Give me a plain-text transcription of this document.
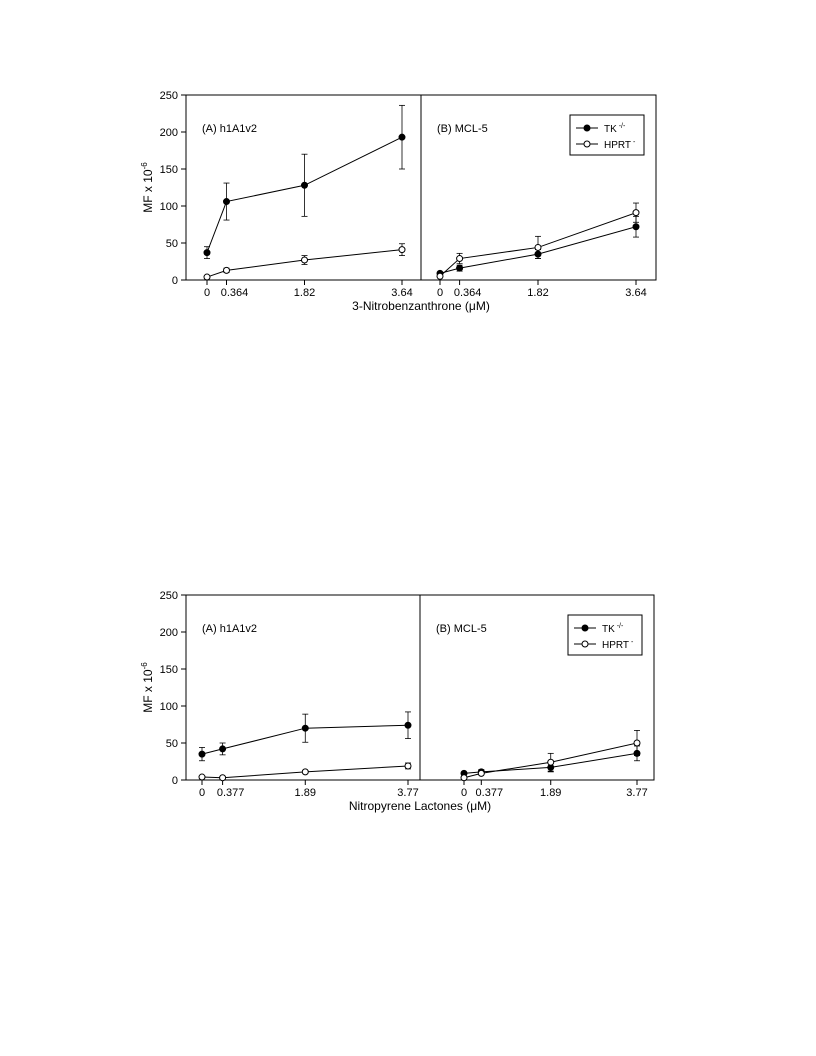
0
50
100
150
200
250
MF x $10^{-6}$
3-Nitrobenzanthrone (μM)
0 0.364	1.82	3.64
(A) h1A1v2
0 0.364	1.82	3.64
(B) MCL-5	TK -/-
HPRT -
0
50
100
150
200
250
MF x $10^{-6}$
Nitropyrene Lactones (μM)
0 0.377	1.89	3.77
(A) h1A1v2
0 0.377	1.89	3.77
(B) MCL-5	TK -/-
HPRT -
